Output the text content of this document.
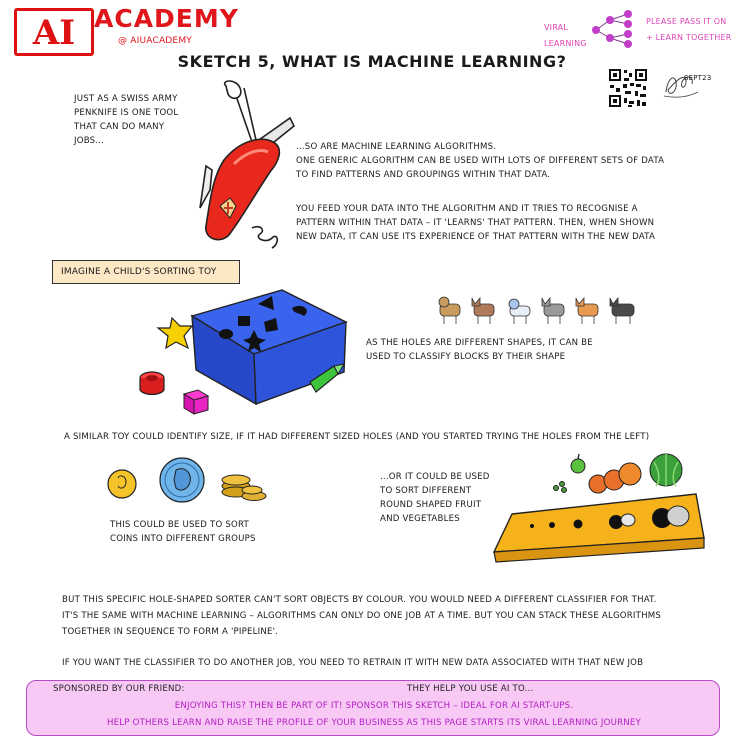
AI ACADEMY
@ AIUACADEMY
VIRAL
LEARNING
PLEASE PASS IT ON
+ LEARN TOGETHER
SKETCH 5, WHAT IS MACHINE LEARNING?
SEPT23
JUST AS A SWISS ARMY
PENKNIFE IS ONE TOOL
THAT CAN DO MANY
JOBS...
...SO ARE MACHINE LEARNING ALGORITHMS.
ONE GENERIC ALGORITHM CAN BE USED WITH LOTS OF DIFFERENT SETS OF DATA
TO FIND PATTERNS AND GROUPINGS WITHIN THAT DATA.
YOU FEED YOUR DATA INTO THE ALGORITHM AND IT TRIES TO RECOGNISE A
PATTERN WITHIN THAT DATA – IT 'LEARNS' THAT PATTERN. THEN, WHEN SHOWN
NEW DATA, IT CAN USE ITS EXPERIENCE OF THAT PATTERN WITH THE NEW DATA
IMAGINE A CHILD'S SORTING TOY
AS THE HOLES ARE DIFFERENT SHAPES, IT CAN BE
USED TO CLASSIFY BLOCKS BY THEIR SHAPE
A SIMILAR TOY COULD IDENTIFY SIZE, IF IT HAD DIFFERENT SIZED HOLES (AND YOU STARTED TRYING THE HOLES FROM THE LEFT)
THIS COULD BE USED TO SORT
COINS INTO DIFFERENT GROUPS
...OR IT COULD BE USED
TO SORT DIFFERENT
ROUND SHAPED FRUIT
AND VEGETABLES
BUT THIS SPECIFIC HOLE-SHAPED SORTER CAN'T SORT OBJECTS BY COLOUR. YOU WOULD NEED A DIFFERENT CLASSIFIER FOR THAT.
IT'S THE SAME WITH MACHINE LEARNING – ALGORITHMS CAN ONLY DO ONE JOB AT A TIME. BUT YOU CAN STACK THESE ALGORITHMS
TOGETHER IN SEQUENCE TO FORM A 'PIPELINE'.
IF YOU WANT THE CLASSIFIER TO DO ANOTHER JOB, YOU NEED TO RETRAIN IT WITH NEW DATA ASSOCIATED WITH THAT NEW JOB
SPONSORED BY OUR FRIEND:	THEY HELP YOU USE AI TO...
ENJOYING THIS? THEN BE PART OF IT! SPONSOR THIS SKETCH – IDEAL FOR AI START-UPS.
HELP OTHERS LEARN AND RAISE THE PROFILE OF YOUR BUSINESS AS THIS PAGE STARTS ITS VIRAL LEARNING JOURNEY
